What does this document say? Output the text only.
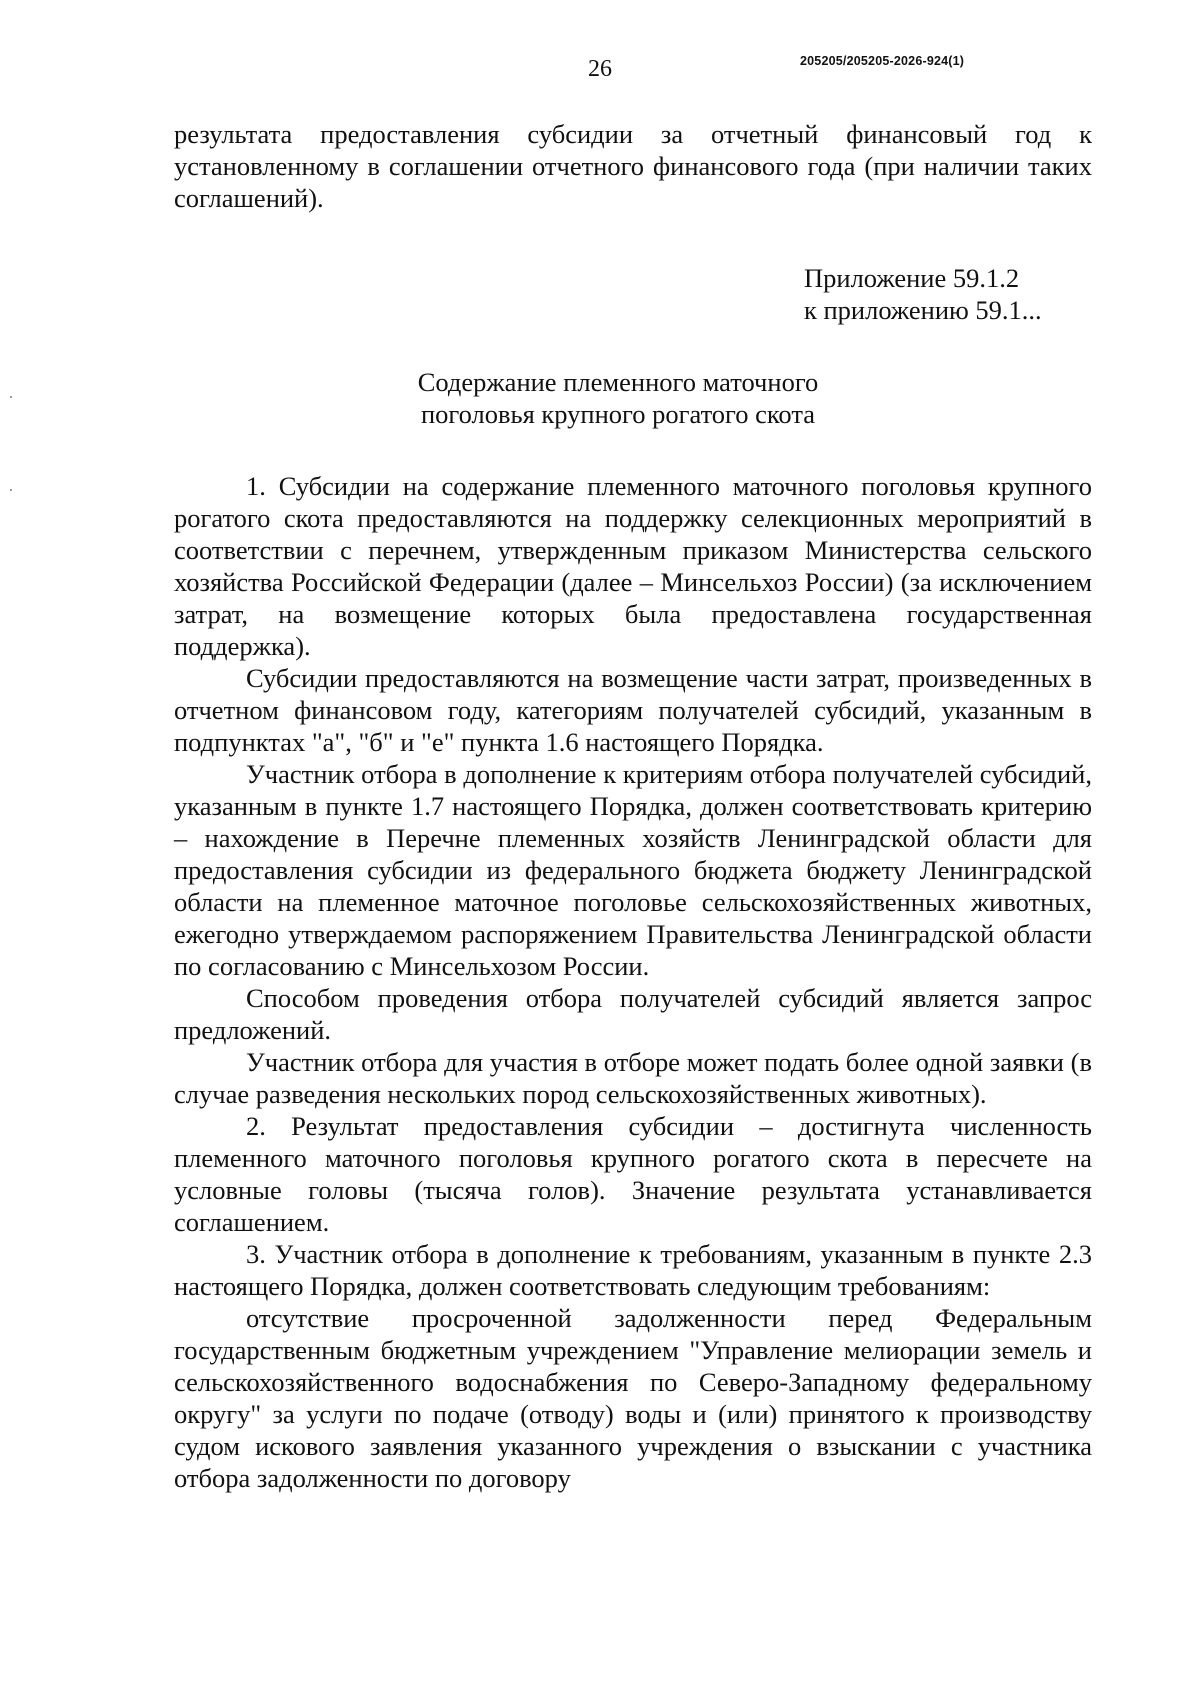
26	205205/205205-2026-924(1)

результата предоставления субсидии за отчетный финансовый год к установленному в соглашении отчетного финансового года (при наличии таких соглашений).

Приложение 59.1.2
к приложению 59.1...
Содержание племенного маточного
поголовья крупного рогатого скота

1. Субсидии на содержание племенного маточного поголовья крупного рогатого скота предоставляются на поддержку селекционных мероприятий в соответствии с перечнем, утвержденным приказом Министерства сельского хозяйства Российской Федерации (далее – Минсельхоз России) (за исключением затрат, на возмещение которых была предоставлена государственная поддержка).

Субсидии предоставляются на возмещение части затрат, произведенных в отчетном финансовом году, категориям получателей субсидий, указанным в подпунктах "а", "б" и "е" пункта 1.6 настоящего Порядка.

Участник отбора в дополнение к критериям отбора получателей субсидий, указанным в пункте 1.7 настоящего Порядка, должен соответствовать критерию – нахождение в Перечне племенных хозяйств Ленинградской области для предоставления субсидии из федерального бюджета бюджету Ленинградской области на племенное маточное поголовье сельскохозяйственных животных, ежегодно утверждаемом распоряжением Правительства Ленинградской области по согласованию с Минсельхозом России.

Способом проведения отбора получателей субсидий является запрос предложений.

Участник отбора для участия в отборе может подать более одной заявки (в случае разведения нескольких пород сельскохозяйственных животных).

2. Результат предоставления субсидии – достигнута численность племенного маточного поголовья крупного рогатого скота в пересчете на условные головы (тысяча голов). Значение результата устанавливается соглашением.

3. Участник отбора в дополнение к требованиям, указанным в пункте 2.3 настоящего Порядка, должен соответствовать следующим требованиям:

отсутствие просроченной задолженности перед Федеральным государственным бюджетным учреждением "Управление мелиорации земель и сельскохозяйственного водоснабжения по Северо-Западному федеральному округу" за услуги по подаче (отводу) воды и (или) принятого к производству судом искового заявления указанного учреждения о взыскании с участника отбора задолженности по договору
